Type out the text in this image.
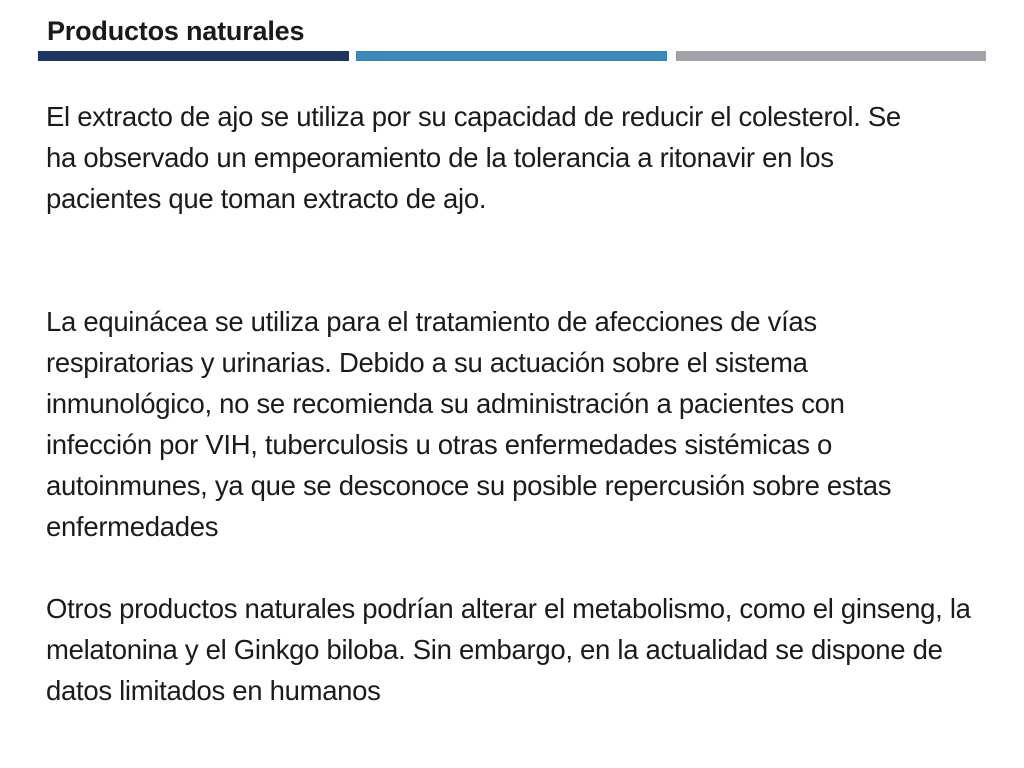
Productos naturales

El extracto de ajo se utiliza por su capacidad de reducir el colesterol. Se ha observado un empeoramiento de la tolerancia a ritonavir en los pacientes que toman extracto de ajo.

La equinácea se utiliza para el tratamiento de afecciones de vías respiratorias y urinarias. Debido a su actuación sobre el sistema inmunológico, no se recomienda su administración a pacientes con infección por VIH, tuberculosis u otras enfermedades sistémicas o autoinmunes, ya que se desconoce su posible repercusión sobre estas enfermedades

Otros productos naturales podrían alterar el metabolismo, como el ginseng, la melatonina y el Ginkgo biloba. Sin embargo, en la actualidad se dispone de datos limitados en humanos
